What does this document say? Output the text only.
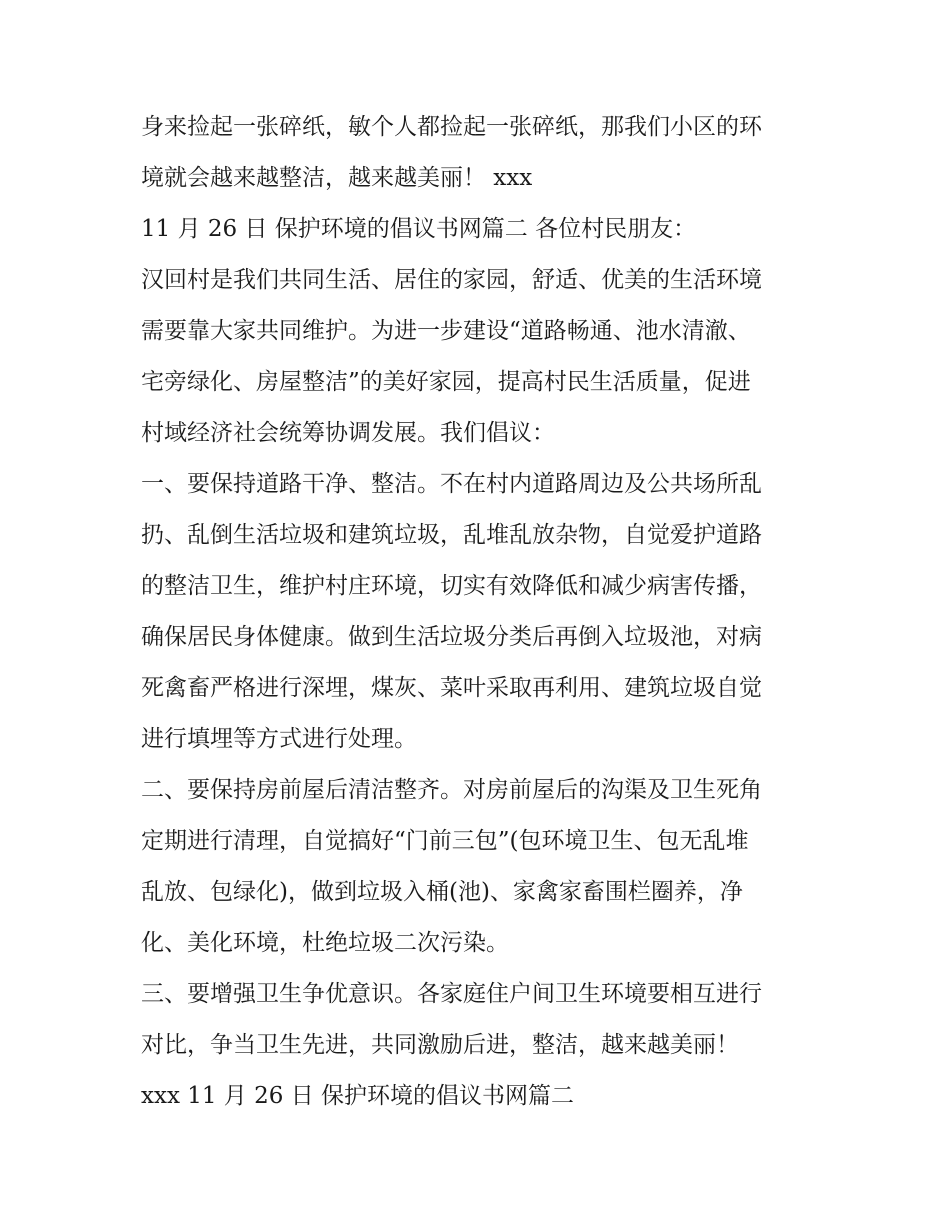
身来捡起一张碎纸，敏个人都捡起一张碎纸，那我们小区的环
境就会越来越整洁，越来越美丽！ xxx
11 月 26 日 保护环境的倡议书网篇二 各位村民朋友：
汉回村是我们共同生活、居住的家园，舒适、优美的生活环境
需要靠大家共同维护。为进一步建设“道路畅通、池水清澈、
宅旁绿化、房屋整洁”的美好家园，提高村民生活质量，促进
村域经济社会统筹协调发展。我们倡议：
一、要保持道路干净、整洁。不在村内道路周边及公共场所乱
扔、乱倒生活垃圾和建筑垃圾，乱堆乱放杂物，自觉爱护道路
的整洁卫生，维护村庄环境，切实有效降低和减少病害传播，
确保居民身体健康。做到生活垃圾分类后再倒入垃圾池，对病
死禽畜严格进行深埋，煤灰、菜叶采取再利用、建筑垃圾自觉
进行填埋等方式进行处理。
二、要保持房前屋后清洁整齐。对房前屋后的沟渠及卫生死角
定期进行清理，自觉搞好“门前三包”(包环境卫生、包无乱堆
乱放、包绿化)，做到垃圾入桶(池)、家禽家畜围栏圈养，净
化、美化环境，杜绝垃圾二次污染。
三、要增强卫生争优意识。各家庭住户间卫生环境要相互进行
对比，争当卫生先进，共同激励后进，整洁，越来越美丽！
xxx 11 月 26 日 保护环境的倡议书网篇二
